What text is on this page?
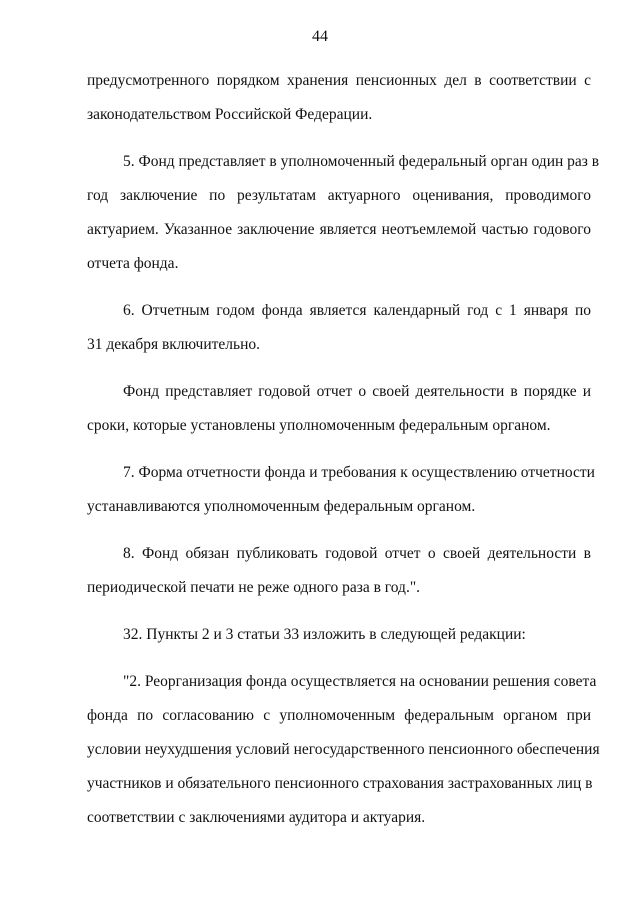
44
предусмотренного порядком хранения пенсионных дел в соответствии с
законодательством Российской Федерации.
5. Фонд представляет в уполномоченный федеральный орган один раз в
год заключение по результатам актуарного оценивания, проводимого
актуарием. Указанное заключение является неотъемлемой частью годового
отчета фонда.
6. Отчетным годом фонда является календарный год с 1 января по
31 декабря включительно.
Фонд представляет годовой отчет о своей деятельности в порядке и
сроки, которые установлены уполномоченным федеральным органом.
7. Форма отчетности фонда и требования к осуществлению отчетности
устанавливаются уполномоченным федеральным органом.
8. Фонд обязан публиковать годовой отчет о своей деятельности в
периодической печати не реже одного раза в год.".
32. Пункты 2 и 3 статьи 33 изложить в следующей редакции:
"2. Реорганизация фонда осуществляется на основании решения совета
фонда по согласованию с уполномоченным федеральным органом при
условии неухудшения условий негосударственного пенсионного обеспечения
участников и обязательного пенсионного страхования застрахованных лиц в
соответствии с заключениями аудитора и актуария.
